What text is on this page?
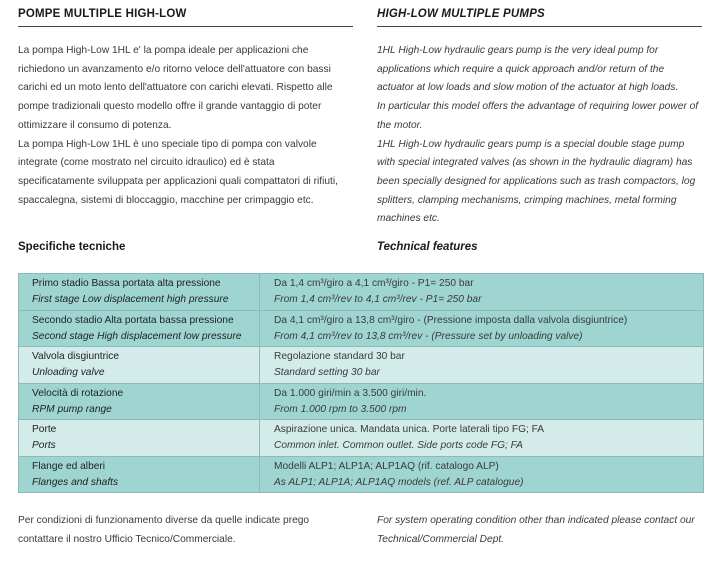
POMPE MULTIPLE HIGH-LOW	HIGH-LOW MULTIPLE PUMPS

La pompa High-Low 1HL e' la pompa ideale per applicazioni che richiedono un avanzamento e/o ritorno veloce dell'attuatore con bassi carichi ed un moto lento dell'attuatore con carichi elevati. Rispetto alle pompe tradizionali questo modello offre il grande vantaggio di poter ottimizzare il consumo di potenza.

La pompa High-Low 1HL è uno speciale tipo di pompa con valvole integrate (come mostrato nel circuito idraulico) ed è stata specificatamente sviluppata per applicazioni quali compattatori di rifiuti, spaccalegna, sistemi di bloccaggio, macchine per crimpaggio etc.

1HL High-Low hydraulic gears pump is the very ideal pump for applications which require a quick approach and/or return of the actuator at low loads and slow motion of the actuator at high loads.

In particular this model offers the advantage of requiring lower power of the motor.

1HL High-Low hydraulic gears pump is a special double stage pump with special integrated valves (as shown in the hydraulic diagram) has been specially designed for applications such as trash compactors, log splitters, clamping mechanisms, crimping machines, metal forming machines etc.

Specifiche tecniche	Technical features
Primo stadio Bassa portata alta pressione
First stage Low displacement high pressure
Da 1,4 cm³/giro a 4,1 cm³/giro - P1= 250 bar
From 1,4 cm³/rev to 4,1 cm³/rev - P1= 250 bar
Secondo stadio Alta portata bassa pressione
Second stage High displacement low pressure
Da 4,1 cm³/giro a 13,8 cm³/giro - (Pressione imposta dalla valvola disgiuntrice)
From 4,1 cm³/rev to 13,8 cm³/rev - (Pressure set by unloading valve)
Valvola disgiuntrice
Unloading valve
Regolazione standard 30 bar
Standard setting 30 bar
Velocità di rotazione
RPM pump range
Da 1.000 giri/min a 3.500 giri/min.
From 1.000 rpm to 3.500 rpm
Porte
Ports
Aspirazione unica. Mandata unica. Porte laterali tipo FG; FA
Common inlet. Common outlet. Side ports code FG; FA
Flange ed alberi
Flanges and shafts
Modelli ALP1; ALP1A; ALP1AQ (rif. catalogo ALP)
As ALP1; ALP1A; ALP1AQ models (ref. ALP catalogue)
Per condizioni di funzionamento diverse da quelle indicate prego contattare il nostro Ufficio Tecnico/Commerciale.
For system operating condition other than indicated please contact our Technical/Commercial Dept.
